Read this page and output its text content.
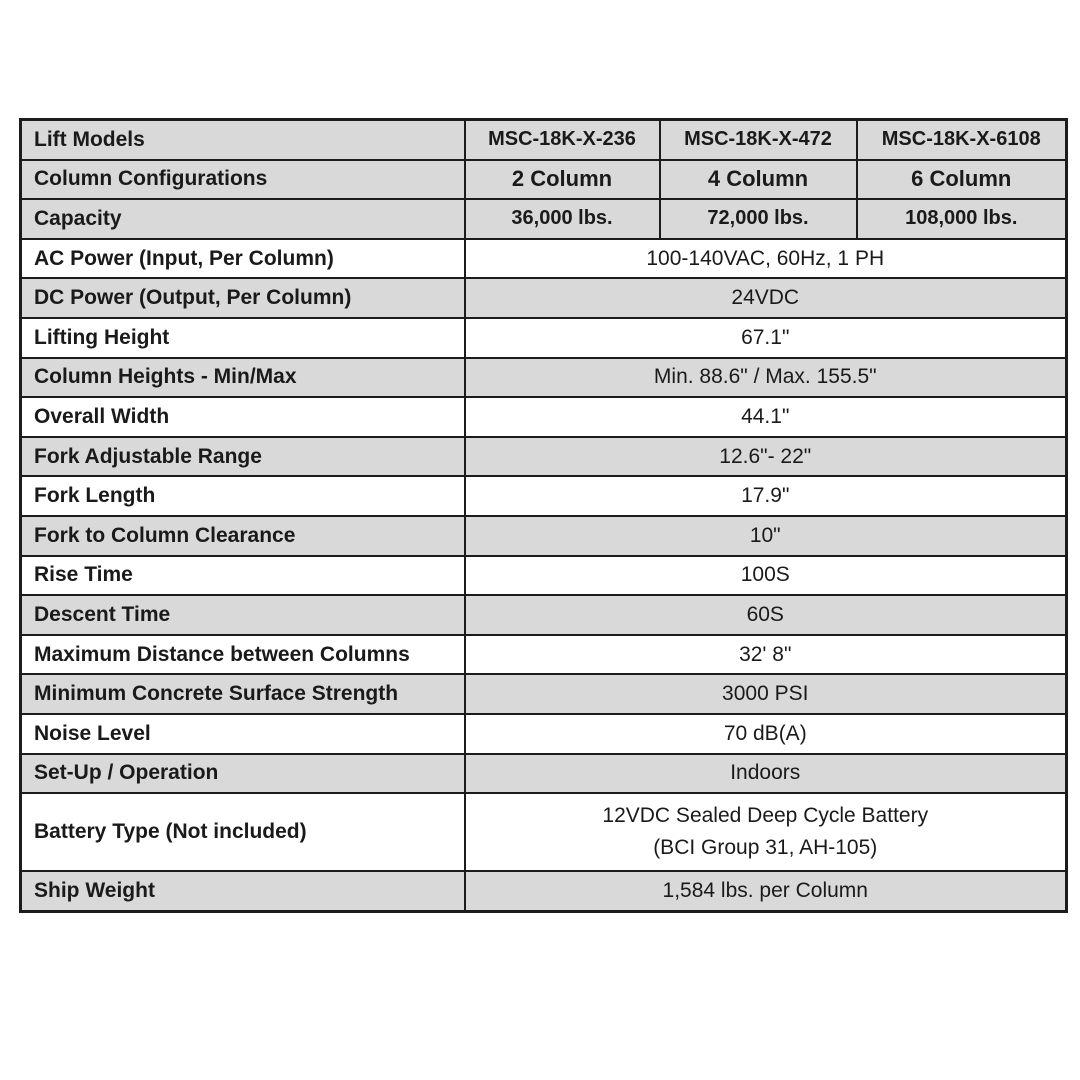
Lift Models	MSC-18K-X-236	MSC-18K-X-472	MSC-18K-X-6108
Column Configurations	2 Column	4 Column	6 Column
Capacity	36,000 lbs.	72,000 lbs.	108,000 lbs.
AC Power (Input, Per Column)	100-140VAC, 60Hz, 1 PH		
DC Power (Output, Per Column)	24VDC		
Lifting Height	67.1"		
Column Heights - Min/Max	Min. 88.6" / Max. 155.5"		
Overall Width	44.1"		
Fork Adjustable Range	12.6"- 22"		
Fork Length	17.9"		
Fork to Column Clearance	10"		
Rise Time	100S		
Descent Time	60S		
Maximum Distance between Columns	32' 8"		
Minimum Concrete Surface Strength	3000 PSI		
Noise Level	70 dB(A)		
Set-Up / Operation	Indoors		
Battery Type (Not included)	12VDC Sealed Deep Cycle Battery
(BCI Group 31, AH-105)		

Ship Weight	1,584 lbs. per Column		
